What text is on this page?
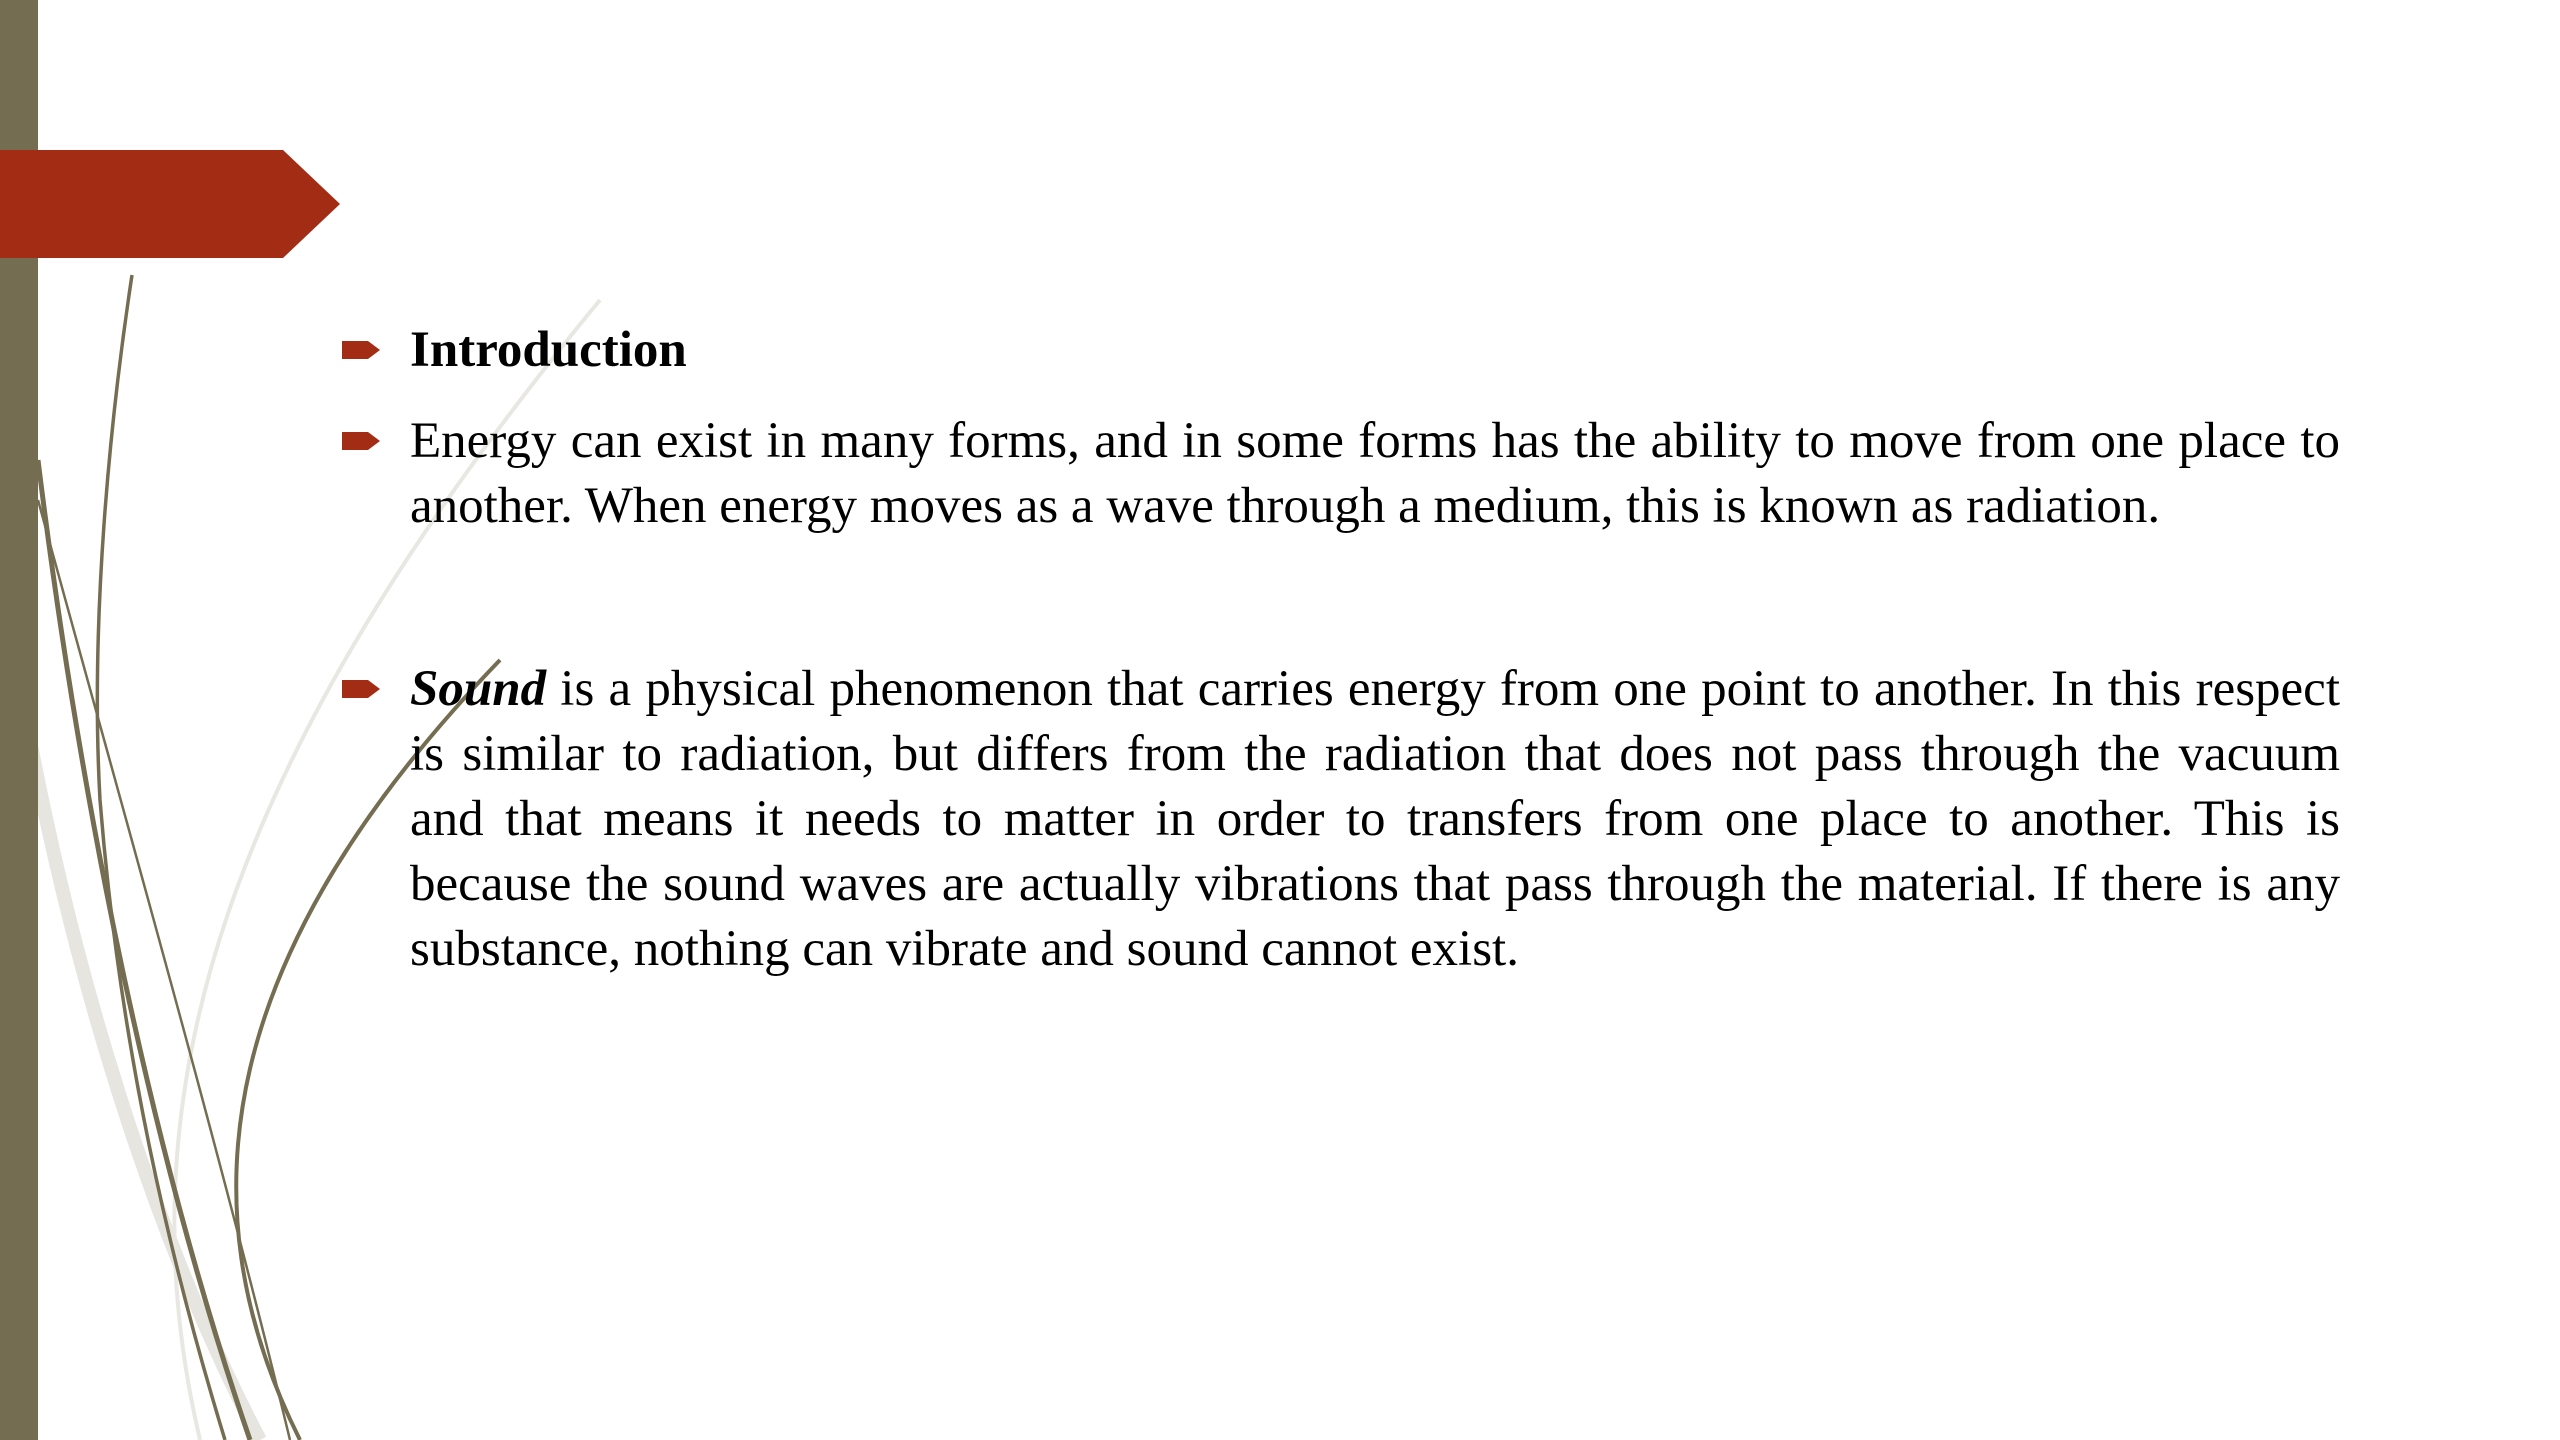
Introduction
Energy can exist in many forms, and in some forms has the ability to move from one place to another. When energy moves as a wave through a medium, this is known as radiation.
Sound is a physical phenomenon that carries energy from one point to another. In this respect is similar to radiation, but differs from the radiation that does not pass through the vacuum and that means it needs to matter in order to transfers from one place to another. This is because the sound waves are actually vibrations that pass through the material. If there is any substance, nothing can vibrate and sound cannot exist.
